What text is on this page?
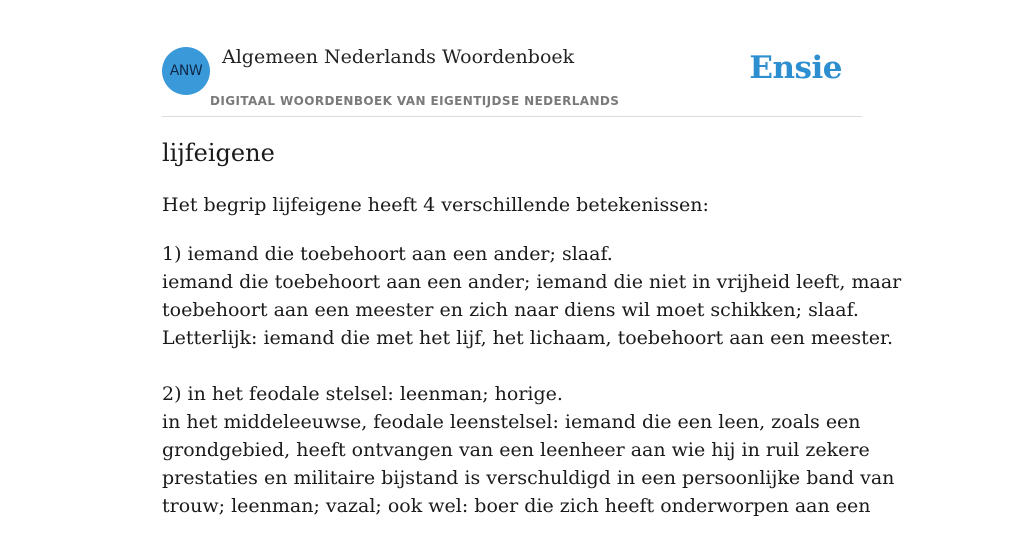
ANW
Algemeen Nederlands Woordenboek
DIGITAAL WOORDENBOEK VAN EIGENTIJDSE NEDERLANDS
Ensie
lijfeigene
Het begrip lijfeigene heeft 4 verschillende betekenissen:
1) iemand die toebehoort aan een ander; slaaf.
iemand die toebehoort aan een ander; iemand die niet in vrijheid leeft, maar
toebehoort aan een meester en zich naar diens wil moet schikken; slaaf.
Letterlijk: iemand die met het lijf, het lichaam, toebehoort aan een meester.
2) in het feodale stelsel: leenman; horige.
in het middeleeuwse, feodale leenstelsel: iemand die een leen, zoals een
grondgebied, heeft ontvangen van een leenheer aan wie hij in ruil zekere
prestaties en militaire bijstand is verschuldigd in een persoonlijke band van
trouw; leenman; vazal; ook wel: boer die zich heeft onderworpen aan een
